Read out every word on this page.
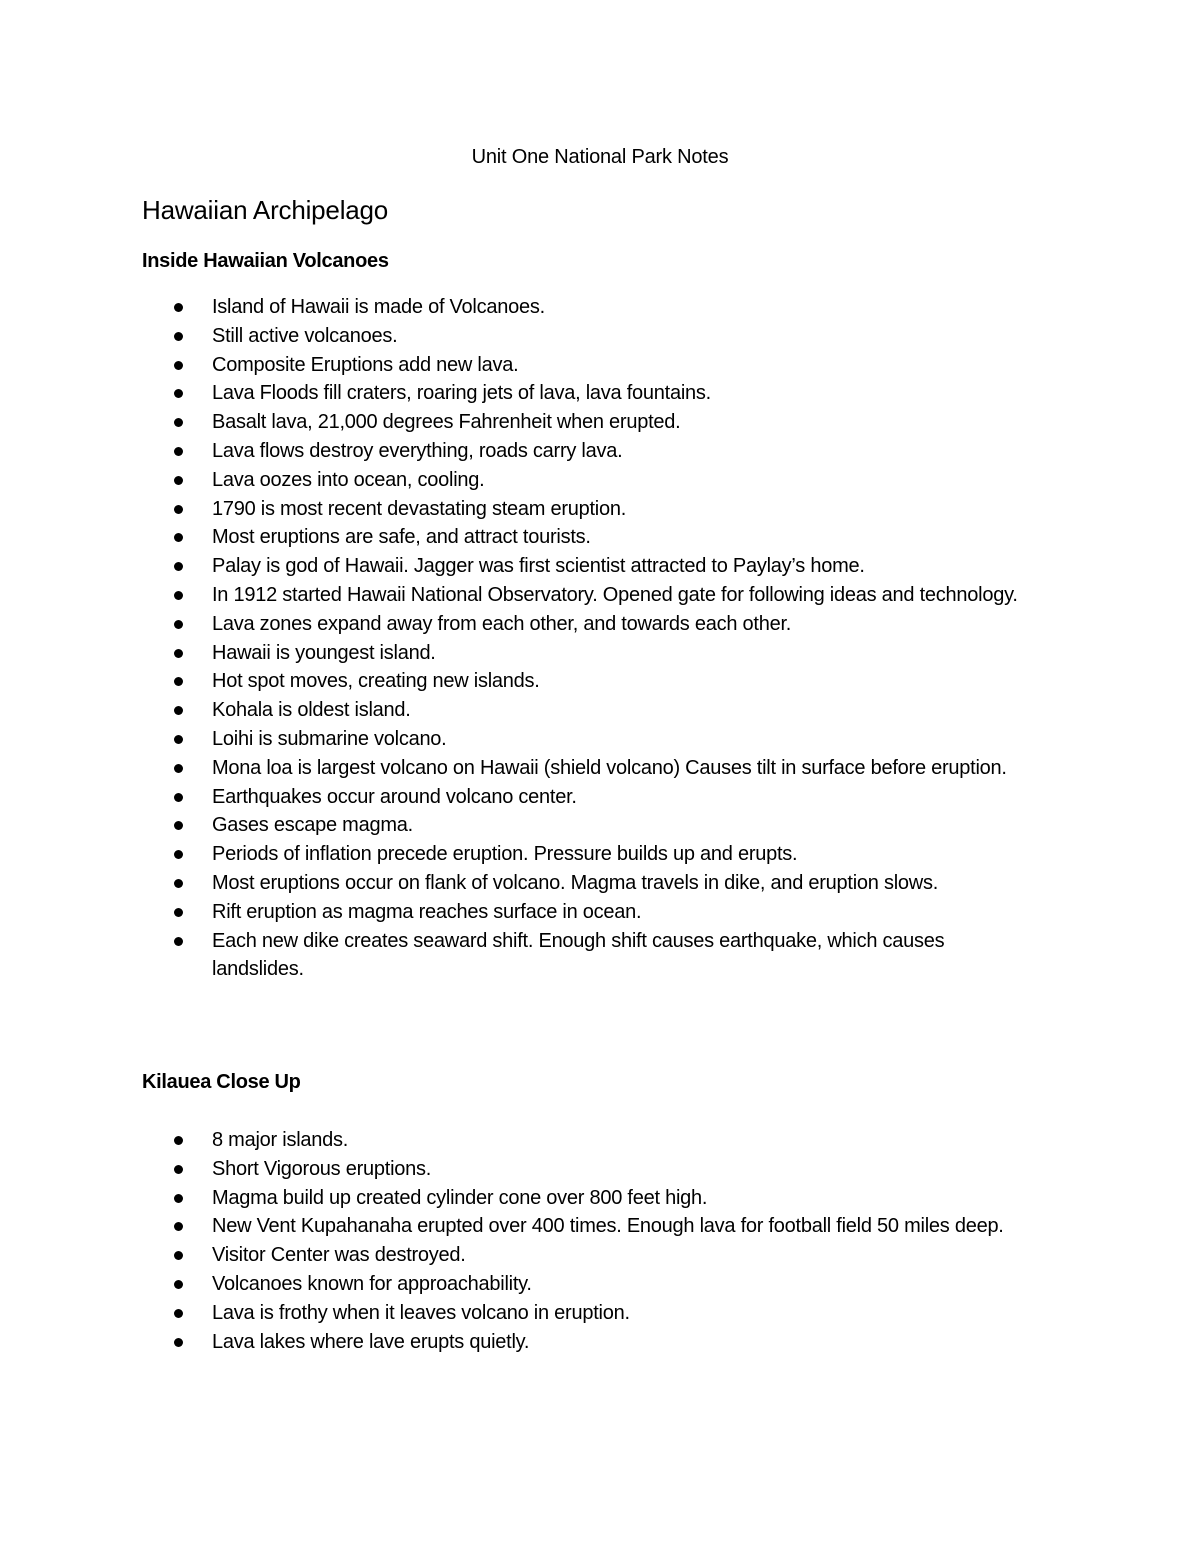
Unit One National Park Notes
Hawaiian Archipelago
Inside Hawaiian Volcanoes
Island of Hawaii is made of Volcanoes.
Still active volcanoes.
Composite Eruptions add new lava.
Lava Floods fill craters, roaring jets of lava, lava fountains.
Basalt lava, 21,000 degrees Fahrenheit when erupted.
Lava flows destroy everything, roads carry lava.
Lava oozes into ocean, cooling.
1790 is most recent devastating steam eruption.
Most eruptions are safe, and attract tourists.
Palay is god of Hawaii. Jagger was first scientist attracted to Paylay’s home.
In 1912 started Hawaii National Observatory. Opened gate for following ideas and technology.
Lava zones expand away from each other, and towards each other.
Hawaii is youngest island.
Hot spot moves, creating new islands.
Kohala is oldest island.
Loihi is submarine volcano.
Mona loa is largest volcano on Hawaii (shield volcano) Causes tilt in surface before eruption.
Earthquakes occur around volcano center.
Gases escape magma.
Periods of inflation precede eruption. Pressure builds up and erupts.
Most eruptions occur on flank of volcano. Magma travels in dike, and eruption slows.
Rift eruption as magma reaches surface in ocean.
Each new dike creates seaward shift. Enough shift causes earthquake, which causes landslides.
Kilauea Close Up
8 major islands.
Short Vigorous eruptions.
Magma build up created cylinder cone over 800 feet high.
New Vent Kupahanaha erupted over 400 times. Enough lava for football field 50 miles deep.
Visitor Center was destroyed.
Volcanoes known for approachability.
Lava is frothy when it leaves volcano in eruption.
Lava lakes where lave erupts quietly.
